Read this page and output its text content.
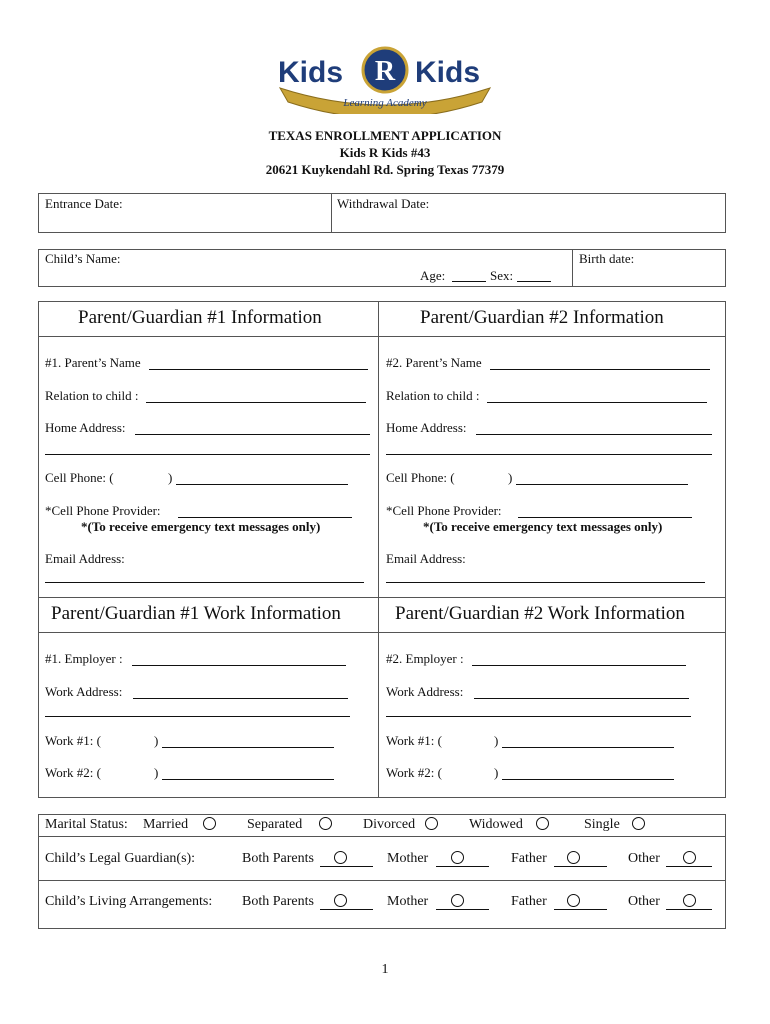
Learning Academy
Kids R Kids
TEXAS ENROLLMENT APPLICATION
Kids R Kids #43
20621 Kuykendahl Rd. Spring Texas 77379
Entrance Date:	Withdrawal Date:
Child’s Name:
Age:	Sex:
Birth date:
Parent/Guardian #1 Information
#1. Parent’s Name
Relation to child :
Home Address:
Cell Phone: (	)
*Cell Phone Provider:
*(To receive emergency text messages only)
Email Address:
Parent/Guardian #2 Information
#2. Parent’s Name
Relation to child :
Home Address:
Cell Phone: (	)
*Cell Phone Provider:
*(To receive emergency text messages only)
Email Address:
Parent/Guardian #1 Work Information
#1. Employer :
Work Address:
Work #1: (	)
Work #2: (	)
Parent/Guardian #2 Work Information
#2. Employer :
Work Address:
Work #1: (	)
Work #2: (	)
Marital Status: Married	Separated	Divorced	Widowed	Single
Child’s Legal Guardian(s):	Both Parents	Mother	Father	Other
Child’s Living Arrangements: Both Parents	Mother	Father	Other
1
